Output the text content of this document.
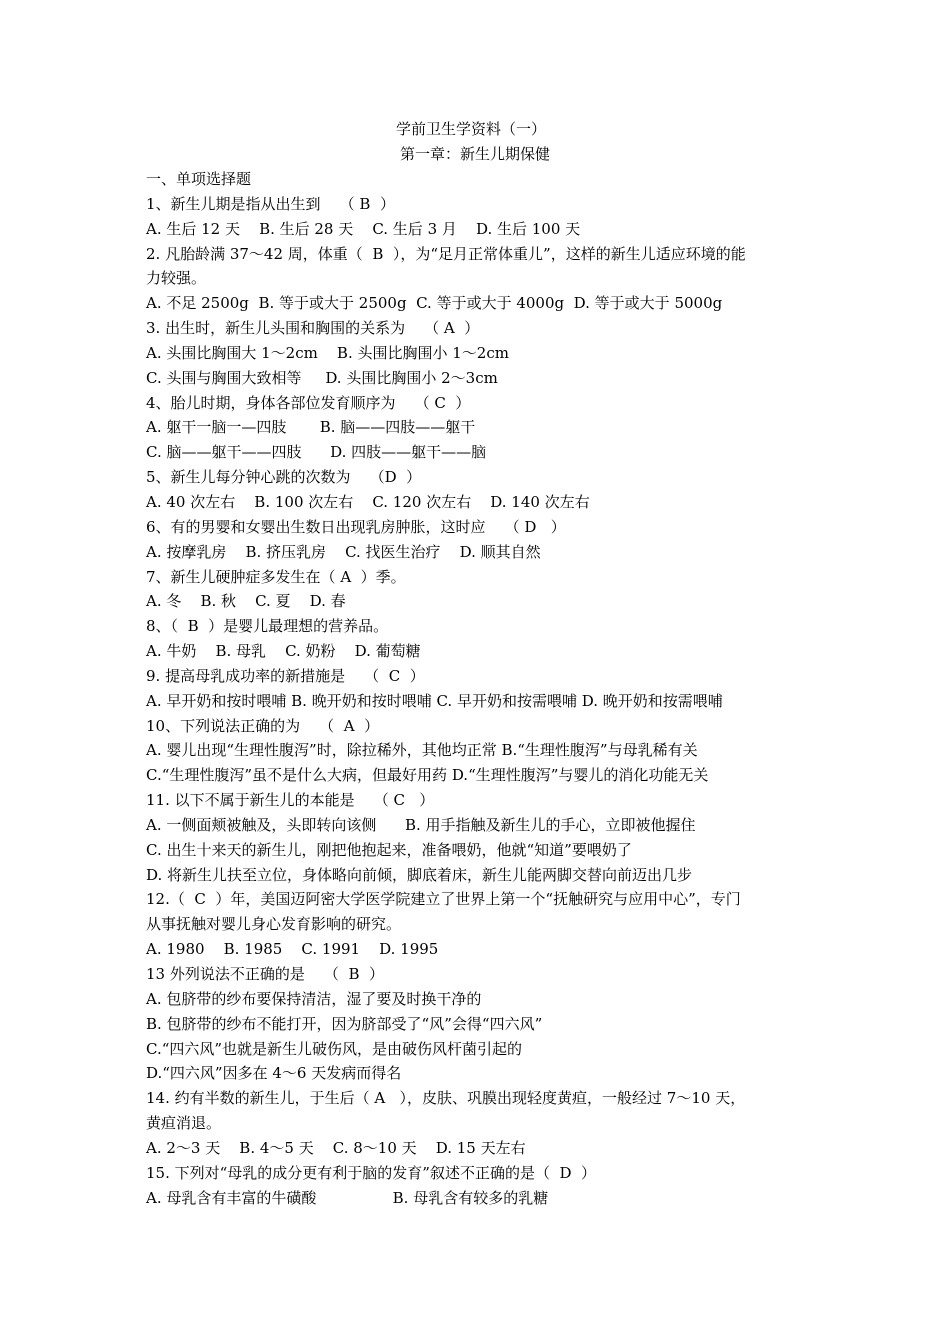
学前卫生学资料（一）
第一章：新生儿期保健
一、单项选择题
1、新生儿期是指从出生到    （ B  ）
A. 生后 12 天    B. 生后 28 天    C. 生后 3 月    D. 生后 100 天
2. 凡胎龄满 37～42 周，体重（  B  ），为“足月正常体重儿”，这样的新生儿适应环境的能
力较强。
A. 不足 2500g  B. 等于或大于 2500g  C. 等于或大于 4000g  D. 等于或大于 5000g
3. 出生时，新生儿头围和胸围的关系为    （ A  ）
A. 头围比胸围大 1～2cm    B. 头围比胸围小 1～2cm
C. 头围与胸围大致相等     D. 头围比胸围小 2～3cm
4、胎儿时期，身体各部位发育顺序为    （ C  ）
A. 躯干一脑一—四肢       B. 脑——四肢——躯干
C. 脑——躯干——四肢      D. 四肢——躯干——脑
5、新生儿每分钟心跳的次数为    （D  ）
A. 40 次左右    B. 100 次左右    C. 120 次左右    D. 140 次左右
6、有的男婴和女婴出生数日出现乳房肿胀，这时应    （ D   ）
A. 按摩乳房    B. 挤压乳房    C. 找医生治疗    D. 顺其自然
7、新生儿硬肿症多发生在（ A  ）季。
A. 冬    B. 秋    C. 夏    D. 春
8、（  B  ）是婴儿最理想的营养品。
A. 牛奶    B. 母乳    C. 奶粉    D. 葡萄糖
9. 提高母乳成功率的新措施是    （  C  ）
A. 早开奶和按时喂哺 B. 晚开奶和按时喂哺 C. 早开奶和按需喂哺 D. 晚开奶和按需喂哺
10、下列说法正确的为    （  A  ）
A. 婴儿出现“生理性腹泻”时，除拉稀外，其他均正常 B.“生理性腹泻”与母乳稀有关
C.“生理性腹泻”虽不是什么大病，但最好用药 D.“生理性腹泻”与婴儿的消化功能无关
11. 以下不属于新生儿的本能是    （ C   ）
A. 一侧面颊被触及，头即转向该侧      B. 用手指触及新生儿的手心，立即被他握住
C. 出生十来天的新生儿，刚把他抱起来，准备喂奶，他就“知道”要喂奶了
D. 将新生儿扶至立位，身体略向前倾，脚底着床，新生儿能两脚交替向前迈出几步
12.（  C  ）年，美国迈阿密大学医学院建立了世界上第一个“抚触研究与应用中心”，专门
从事抚触对婴儿身心发育影响的研究。
A. 1980    B. 1985    C. 1991    D. 1995
13 外列说法不正确的是    （  B  ）
A. 包脐带的纱布要保持清洁，湿了要及时换干净的
B. 包脐带的纱布不能打开，因为脐部受了“风”会得“四六风”
C.“四六风”也就是新生儿破伤风，是由破伤风杆菌引起的
D.“四六风”因多在 4～6 天发病而得名
14. 约有半数的新生儿，于生后（ A   ），皮肤、巩膜出现轻度黄疸，一般经过 7～10 天，
黄疸消退。
A. 2～3 天    B. 4～5 天    C. 8～10 天    D. 15 天左右
15. 下列对“母乳的成分更有利于脑的发育”叙述不正确的是（  D  ）
A. 母乳含有丰富的牛磺酸                B. 母乳含有较多的乳糖
